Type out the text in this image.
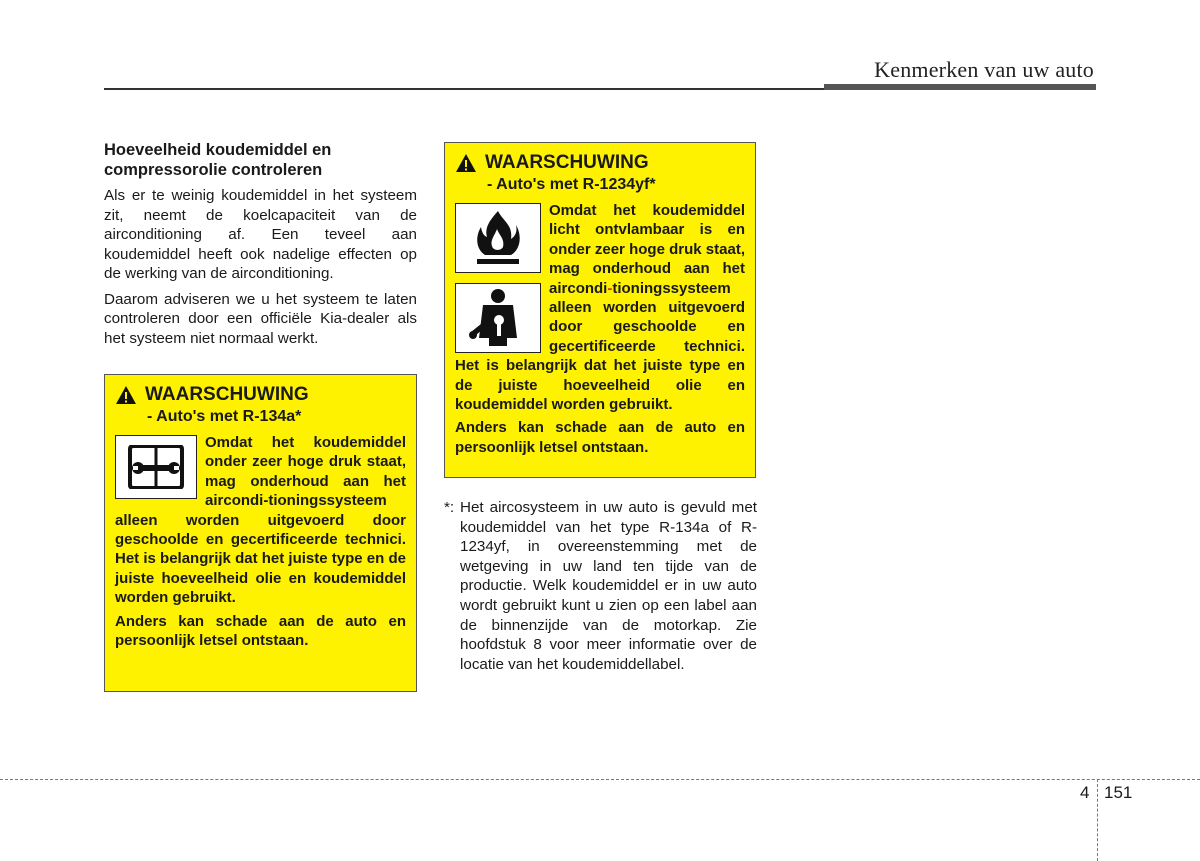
Kenmerken van uw auto
Hoeveelheid koudemiddel en compressorolie controleren

Als er te weinig koudemiddel in het systeem zit, neemt de koelcapaciteit van de airconditioning af. Een teveel aan koudemiddel heeft ook nadelige effecten op de werking van de airconditioning.

Daarom adviseren we u het systeem te laten controleren door een officiële Kia-dealer als het systeem niet normaal werkt.

WAARSCHUWING
- Auto's met R-134a*

Omdat het koudemiddel onder zeer hoge druk staat, mag onderhoud aan het aircondi-tioningssysteem alleen worden uitgevoerd door geschoolde en gecertificeerde technici. Het is belangrijk dat het juiste type en de juiste hoeveelheid olie en koudemiddel worden gebruikt.

Anders kan schade aan de auto en persoonlijk letsel ontstaan.

WAARSCHUWING
- Auto's met R-1234yf*

Omdat het koudemiddel licht ontvlambaar is en onder zeer hoge druk staat, mag onderhoud aan het aircondi-tioningssysteem alleen worden uitgevoerd door geschoolde en gecertificeerde technici. Het is belangrijk dat het juiste type en de juiste hoeveelheid olie en koudemiddel worden gebruikt.

Anders kan schade aan de auto en persoonlijk letsel ontstaan.

*: Het aircosysteem in uw auto is gevuld met koudemiddel van het type R-134a of R- 1234yf, in overeenstemming met de wetgeving in uw land ten tijde van de productie. Welk koudemiddel er in uw auto wordt gebruikt kunt u zien op een label aan de binnenzijde van de motorkap. Zie hoofdstuk 8 voor meer informatie over de locatie van het koudemiddellabel.
4 151
